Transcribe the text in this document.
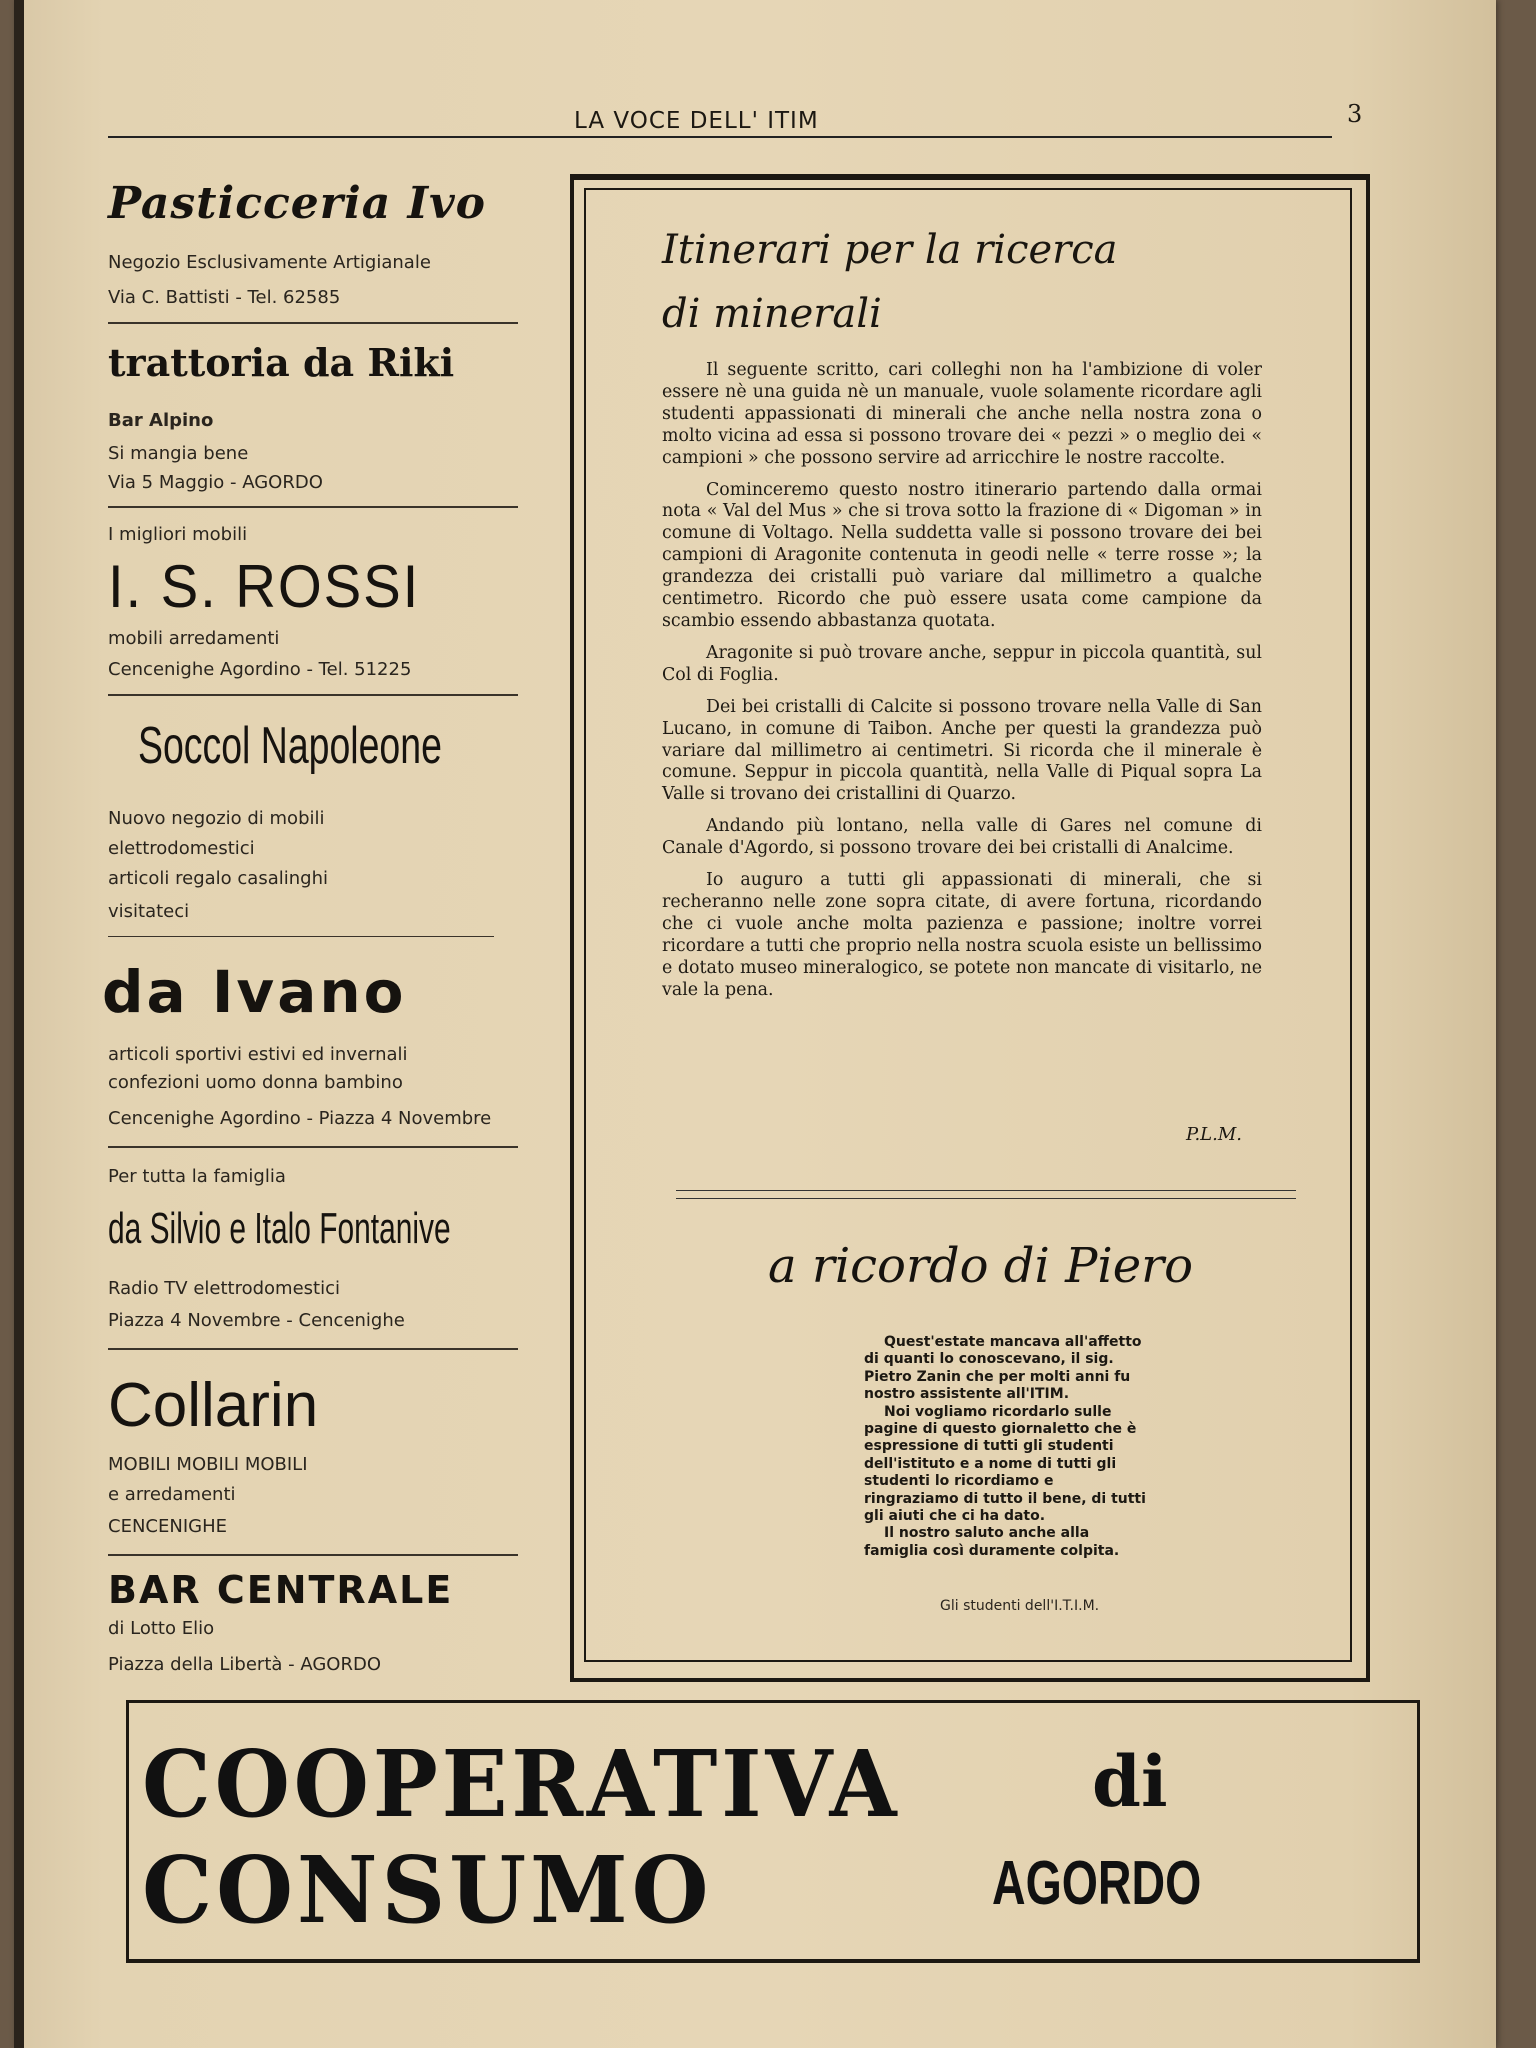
LA VOCE DELL' ITIM	3
Pasticceria Ivo
Negozio Esclusivamente Artigianale
Via C. Battisti - Tel. 62585
trattoria da Riki
Bar Alpino
Si mangia bene
Via 5 Maggio - AGORDO
I migliori mobili
I. S. ROSSI
mobili arredamenti
Cencenighe Agordino - Tel. 51225
Soccol Napoleone
Nuovo negozio di mobili
elettrodomestici
articoli regalo casalinghi
visitateci
da Ivano
articoli sportivi estivi ed invernali
confezioni uomo donna bambino
Cencenighe Agordino - Piazza 4 Novembre
Per tutta la famiglia
da Silvio e Italo Fontanive
Radio TV elettrodomestici
Piazza 4 Novembre - Cencenighe
Collarin
MOBILI MOBILI MOBILI
e arredamenti
CENCENIGHE
BAR CENTRALE
di Lotto Elio
Piazza della Libertà - AGORDO
Itinerari per la ricerca
di minerali

Il seguente scritto, cari colleghi non ha l'ambizione di voler essere nè una guida nè un manuale, vuole solamente ricordare agli studenti appassionati di minerali che anche nella nostra zona o molto vicina ad essa si possono trovare dei « pezzi » o meglio dei « campioni » che possono servire ad arricchire le nostre raccolte.

Cominceremo questo nostro itinerario partendo dalla ormai nota « Val del Mus » che si trova sotto la frazione di « Digoman » in comune di Voltago. Nella suddetta valle si possono trovare dei bei campioni di Aragonite contenuta in geodi nelle « terre rosse »; la grandezza dei cristalli può variare dal millimetro a qualche centimetro. Ricordo che può essere usata come campione da scambio essendo abbastanza quotata.

Aragonite si può trovare anche, seppur in piccola quantità, sul Col di Foglia.

Dei bei cristalli di Calcite si possono trovare nella Valle di San Lucano, in comune di Taibon. Anche per questi la grandezza può variare dal millimetro ai centimetri. Si ricorda che il minerale è comune. Seppur in piccola quantità, nella Valle di Piqual sopra La Valle si trovano dei cristallini di Quarzo.

Andando più lontano, nella valle di Gares nel comune di Canale d'Agordo, si possono trovare dei bei cristalli di Analcime.

Io auguro a tutti gli appassionati di minerali, che si recheranno nelle zone sopra citate, di avere fortuna, ricordando che ci vuole anche molta pazienza e passione; inoltre vorrei ricordare a tutti che proprio nella nostra scuola esiste un bellissimo e dotato museo mineralogico, se potete non mancate di visitarlo, ne vale la pena.

P.L.M.
a ricordo di Piero

Quest'estate mancava all'affetto di quanti lo conoscevano, il sig. Pietro Zanin che per molti anni fu nostro assistente all'ITIM.

Noi vogliamo ricordarlo sulle pagine di questo giornaletto che è espressione di tutti gli studenti dell'istituto e a nome di tutti gli studenti lo ricordiamo e ringraziamo di tutto il bene, di tutti gli aiuti che ci ha dato.

Il nostro saluto anche alla famiglia così duramente colpita.

Gli studenti dell'I.T.I.M.
COOPERATIVA	di
CONSUMO	AGORDO
